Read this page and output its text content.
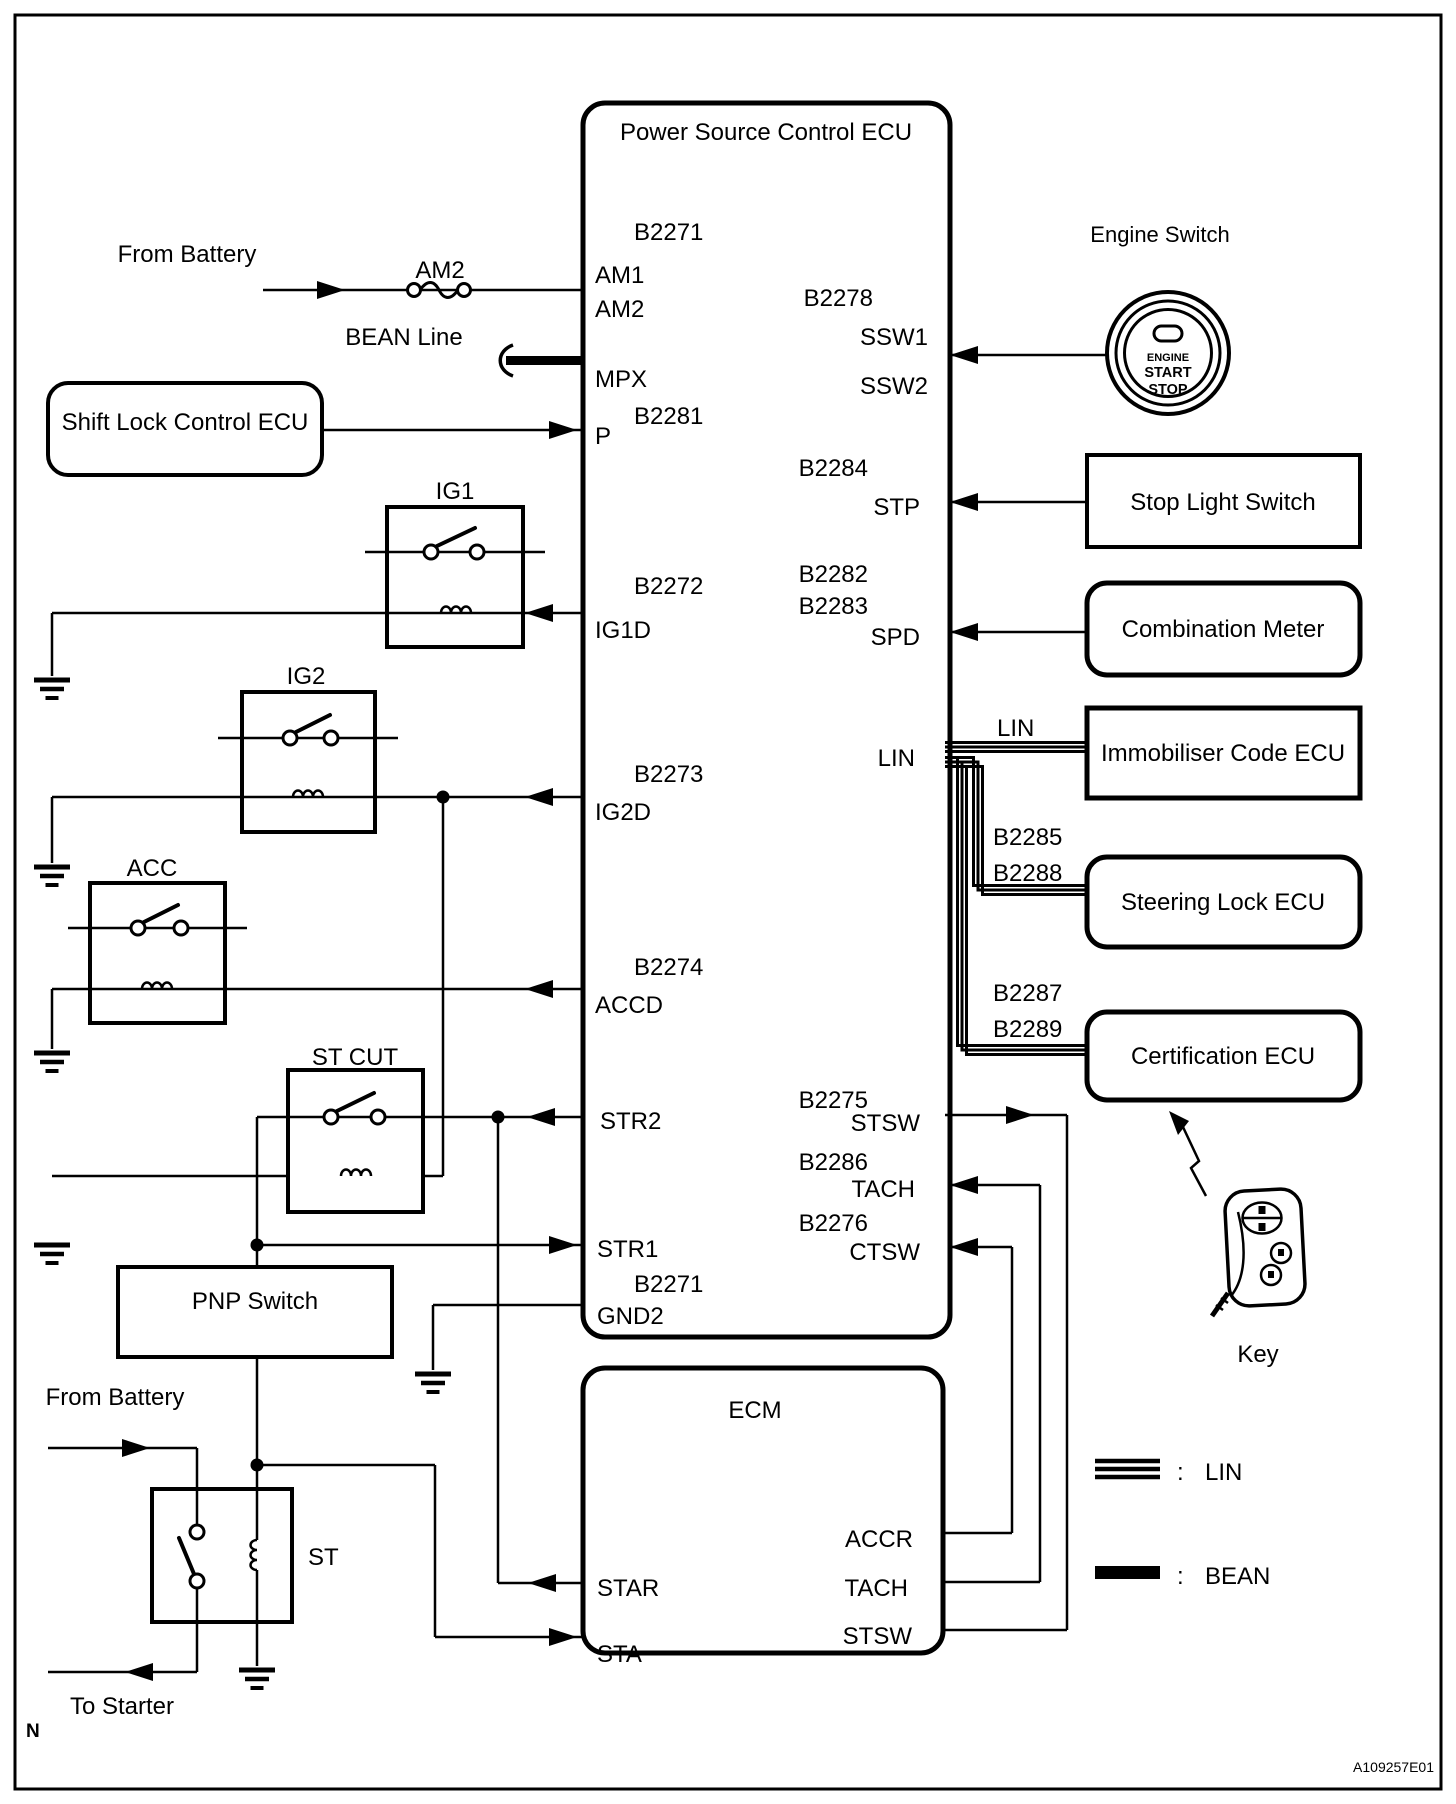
From Battery
AM2
BEAN Line
Shift Lock Control ECU
IG1
IG2
ACC
ST CUT
PNP Switch
From Battery
ST
To Starter
N
Power Source Control ECU
B2271
AM1
AM2
MPX
B2281
P
B2272
IG1D
B2273
IG2D
B2274
ACCD
STR2
STR1
B2271
GND2
B2278
SSW1
SSW2
B2284
STP
B2282
B2283
SPD
LIN
B2275
STSW
B2286
TACH
B2276
CTSW
ECM
STAR
STA
ACCR
TACH
STSW
Engine Switch
ENGINE
START
STOP
Stop Light Switch
Combination Meter
Immobiliser Code ECU
Steering Lock ECU
Certification ECU
LIN
B2285
B2288
B2287
B2289
Key
: LIN
: BEAN
A109257E01
